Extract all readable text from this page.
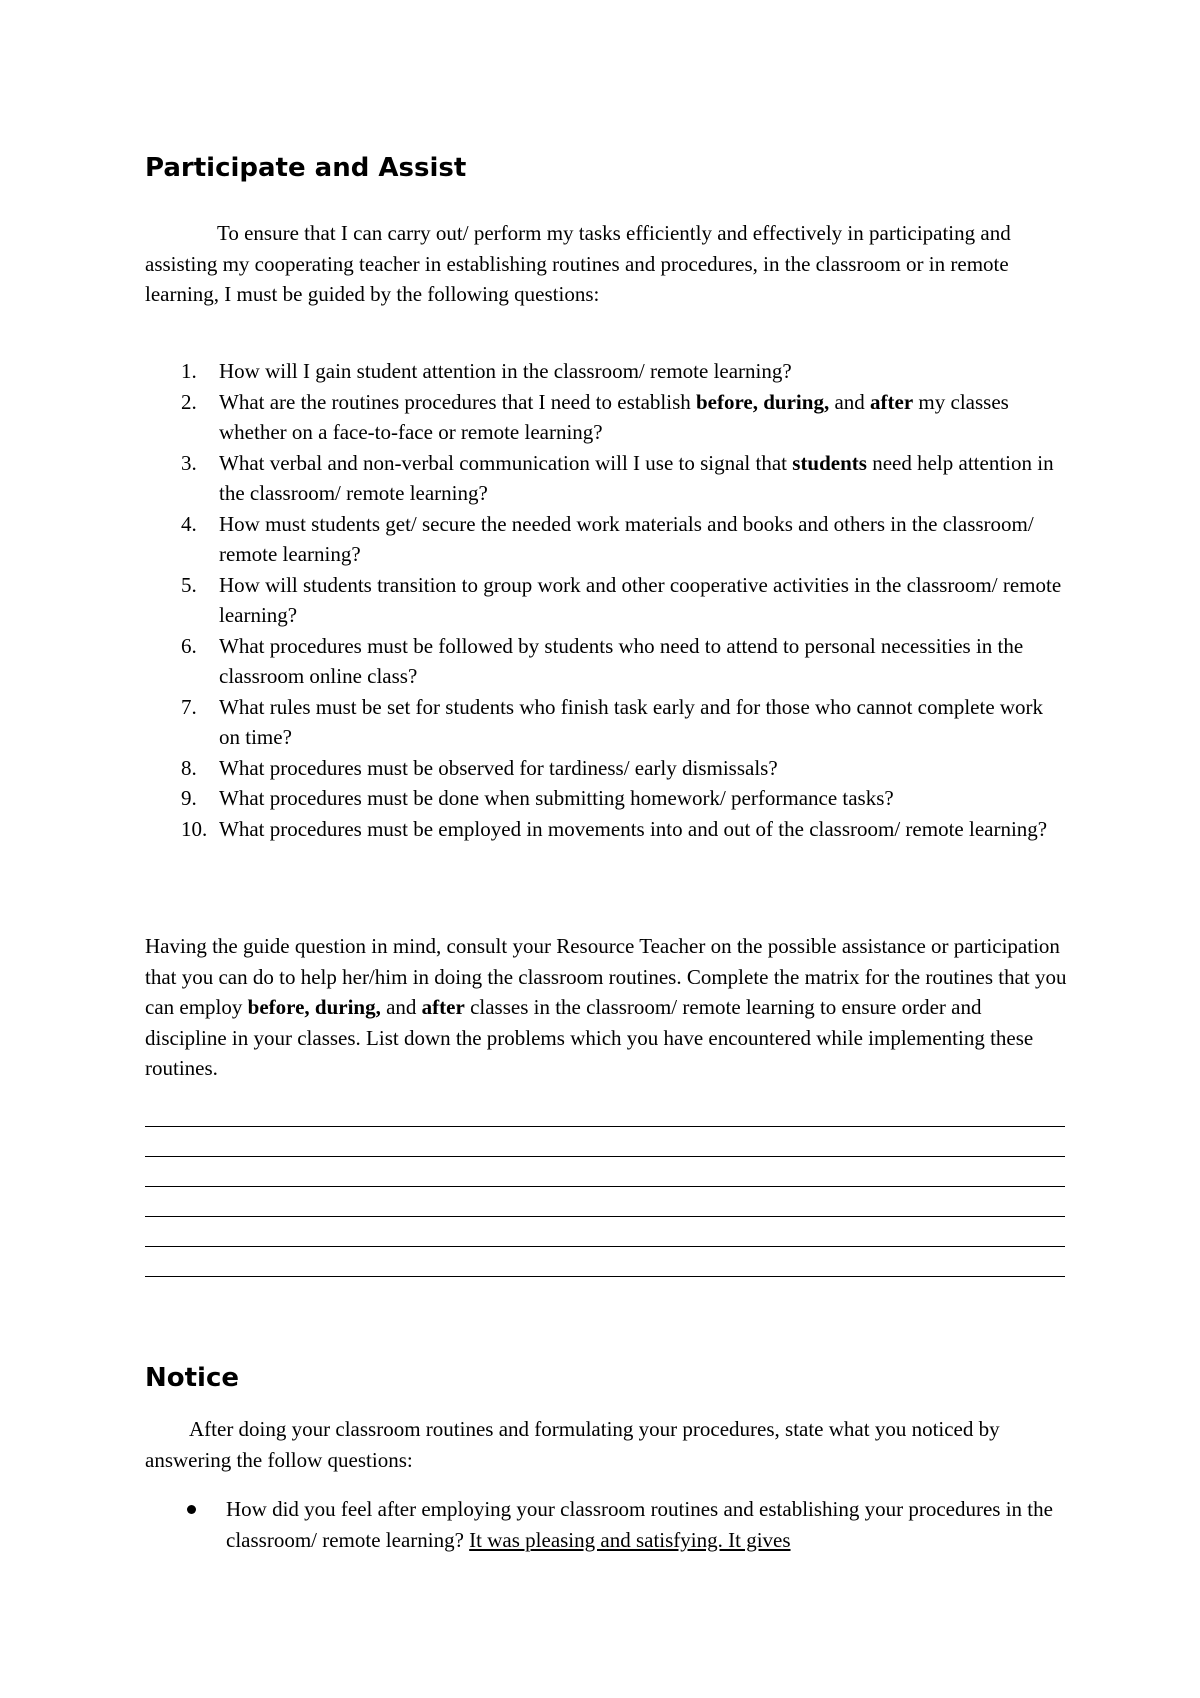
Participate and Assist

To ensure that I can carry out/ perform my tasks efficiently and effectively in participating and assisting my cooperating teacher in establishing routines and procedures, in the classroom or in remote learning, I must be guided by the following questions:

1. How will I gain student attention in the classroom/ remote learning?
2. What are the routines procedures that I need to establish before, during, and after my classes whether on a face-to-face or remote learning?
3. What verbal and non-verbal communication will I use to signal that students need help attention in the classroom/ remote learning?
4. How must students get/ secure the needed work materials and books and others in the classroom/ remote learning?
5. How will students transition to group work and other cooperative activities in the classroom/ remote learning?
6. What procedures must be followed by students who need to attend to personal necessities in the classroom online class?
7. What rules must be set for students who finish task early and for those who cannot complete work on time?
8. What procedures must be observed for tardiness/ early dismissals?
9. What procedures must be done when submitting homework/ performance tasks?
10. What procedures must be employed in movements into and out of the classroom/ remote learning?

Having the guide question in mind, consult your Resource Teacher on the possible assistance or participation that you can do to help her/him in doing the classroom routines. Complete the matrix for the routines that you can employ before, during, and after classes in the classroom/ remote learning to ensure order and discipline in your classes. List down the problems which you have encountered while implementing these routines.

Notice

After doing your classroom routines and formulating your procedures, state what you noticed by answering the follow questions:

How did you feel after employing your classroom routines and establishing your procedures in the classroom/ remote learning? It was pleasing and satisfying. It gives
